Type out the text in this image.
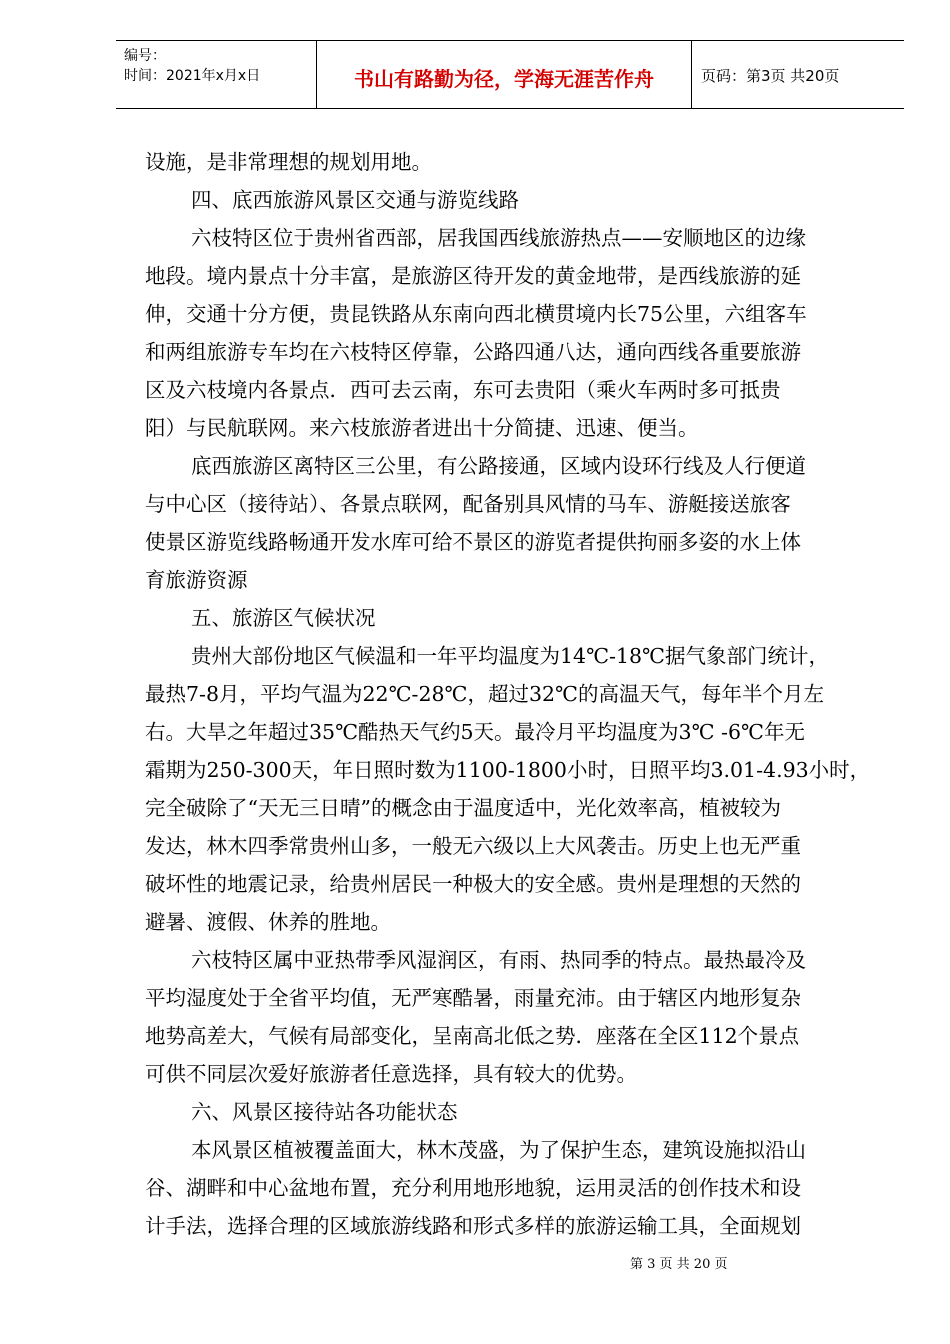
编号：
时间：2021年x月x日	书山有路勤为径，学海无涯苦作舟	页码：第3页 共20页
设施，是非常理想的规划用地。
四、底西旅游风景区交通与游览线路
六枝特区位于贵州省西部，居我国西线旅游热点——安顺地区的边缘
地段。境内景点十分丰富，是旅游区待开发的黄金地带，是西线旅游的延
伸，交通十分方便，贵昆铁路从东南向西北横贯境内长75公里，六组客车
和两组旅游专车均在六枝特区停靠，公路四通八达，通向西线各重要旅游
区及六枝境内各景点．西可去云南，东可去贵阳（乘火车两时多可抵贵
阳）与民航联网。来六枝旅游者进出十分简捷、迅速、便当。
底西旅游区离特区三公里，有公路接通，区域内设环行线及人行便道
与中心区（接待站）、各景点联网，配备别具风情的马车、游艇接送旅客
使景区游览线路畅通开发水库可给不景区的游览者提供拘丽多姿的水上体
育旅游资源
五、旅游区气候状况
贵州大部份地区气候温和一年平均温度为14℃-18℃据气象部门统计，
最热7-8月，平均气温为22℃-28℃，超过32℃的高温天气，每年半个月左
右。大旱之年超过35℃酷热天气约5天。最冷月平均温度为3℃ -6℃年无
霜期为250-300天，年日照时数为1100-1800小时，日照平均3.01-4.93小时，
完全破除了“天无三日晴”的概念由于温度适中，光化效率高，植被较为
发达，林木四季常贵州山多，一般无六级以上大风袭击。历史上也无严重
破坏性的地震记录，给贵州居民一种极大的安全感。贵州是理想的天然的
避暑、渡假、休养的胜地。
六枝特区属中亚热带季风湿润区，有雨、热同季的特点。最热最冷及
平均湿度处于全省平均值，无严寒酷暑，雨量充沛。由于辖区内地形复杂
地势高差大，气候有局部变化，呈南高北低之势．座落在全区112个景点
可供不同层次爱好旅游者任意选择，具有较大的优势。
六、风景区接待站各功能状态
本风景区植被覆盖面大，林木茂盛，为了保护生态，建筑设施拟沿山
谷、湖畔和中心盆地布置，充分利用地形地貌，运用灵活的创作技术和设
计手法，选择合理的区域旅游线路和形式多样的旅游运输工具，全面规划
第 3 页 共 20 页
